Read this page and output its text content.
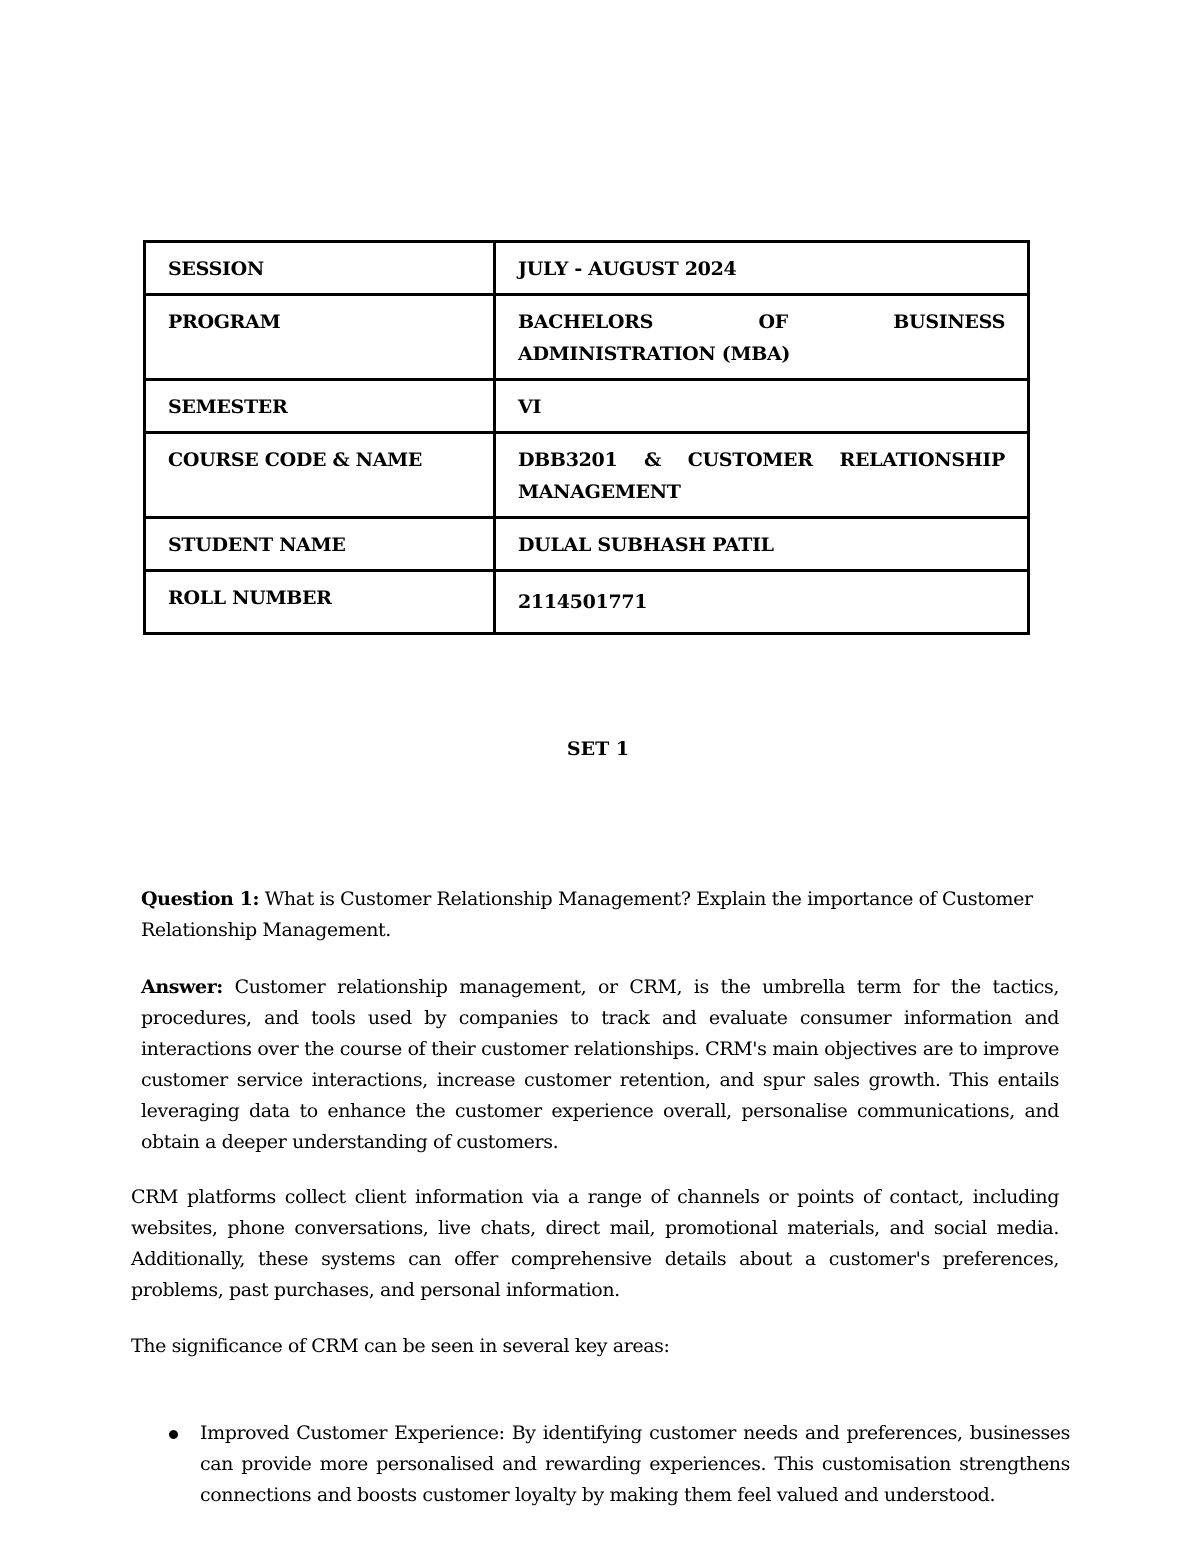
SESSION	JULY - AUGUST 2024
PROGRAM	BACHELORS OF BUSINESS ADMINISTRATION (MBA)
SEMESTER	VI
COURSE CODE & NAME	DBB3201 & CUSTOMER RELATIONSHIP MANAGEMENT
STUDENT NAME	DULAL SUBHASH PATIL
ROLL NUMBER	2114501771
SET 1

Question 1: What is Customer Relationship Management? Explain the importance of Customer Relationship Management.

Answer: Customer relationship management, or CRM, is the umbrella term for the tactics, procedures, and tools used by companies to track and evaluate consumer information and interactions over the course of their customer relationships. CRM's main objectives are to improve customer service interactions, increase customer retention, and spur sales growth. This entails leveraging data to enhance the customer experience overall, personalise communications, and obtain a deeper understanding of customers.

CRM platforms collect client information via a range of channels or points of contact, including websites, phone conversations, live chats, direct mail, promotional materials, and social media. Additionally, these systems can offer comprehensive details about a customer's preferences, problems, past purchases, and personal information.

The significance of CRM can be seen in several key areas:

Improved Customer Experience: By identifying customer needs and preferences, businesses can provide more personalised and rewarding experiences. This customisation strengthens connections and boosts customer loyalty by making them feel valued and understood.
